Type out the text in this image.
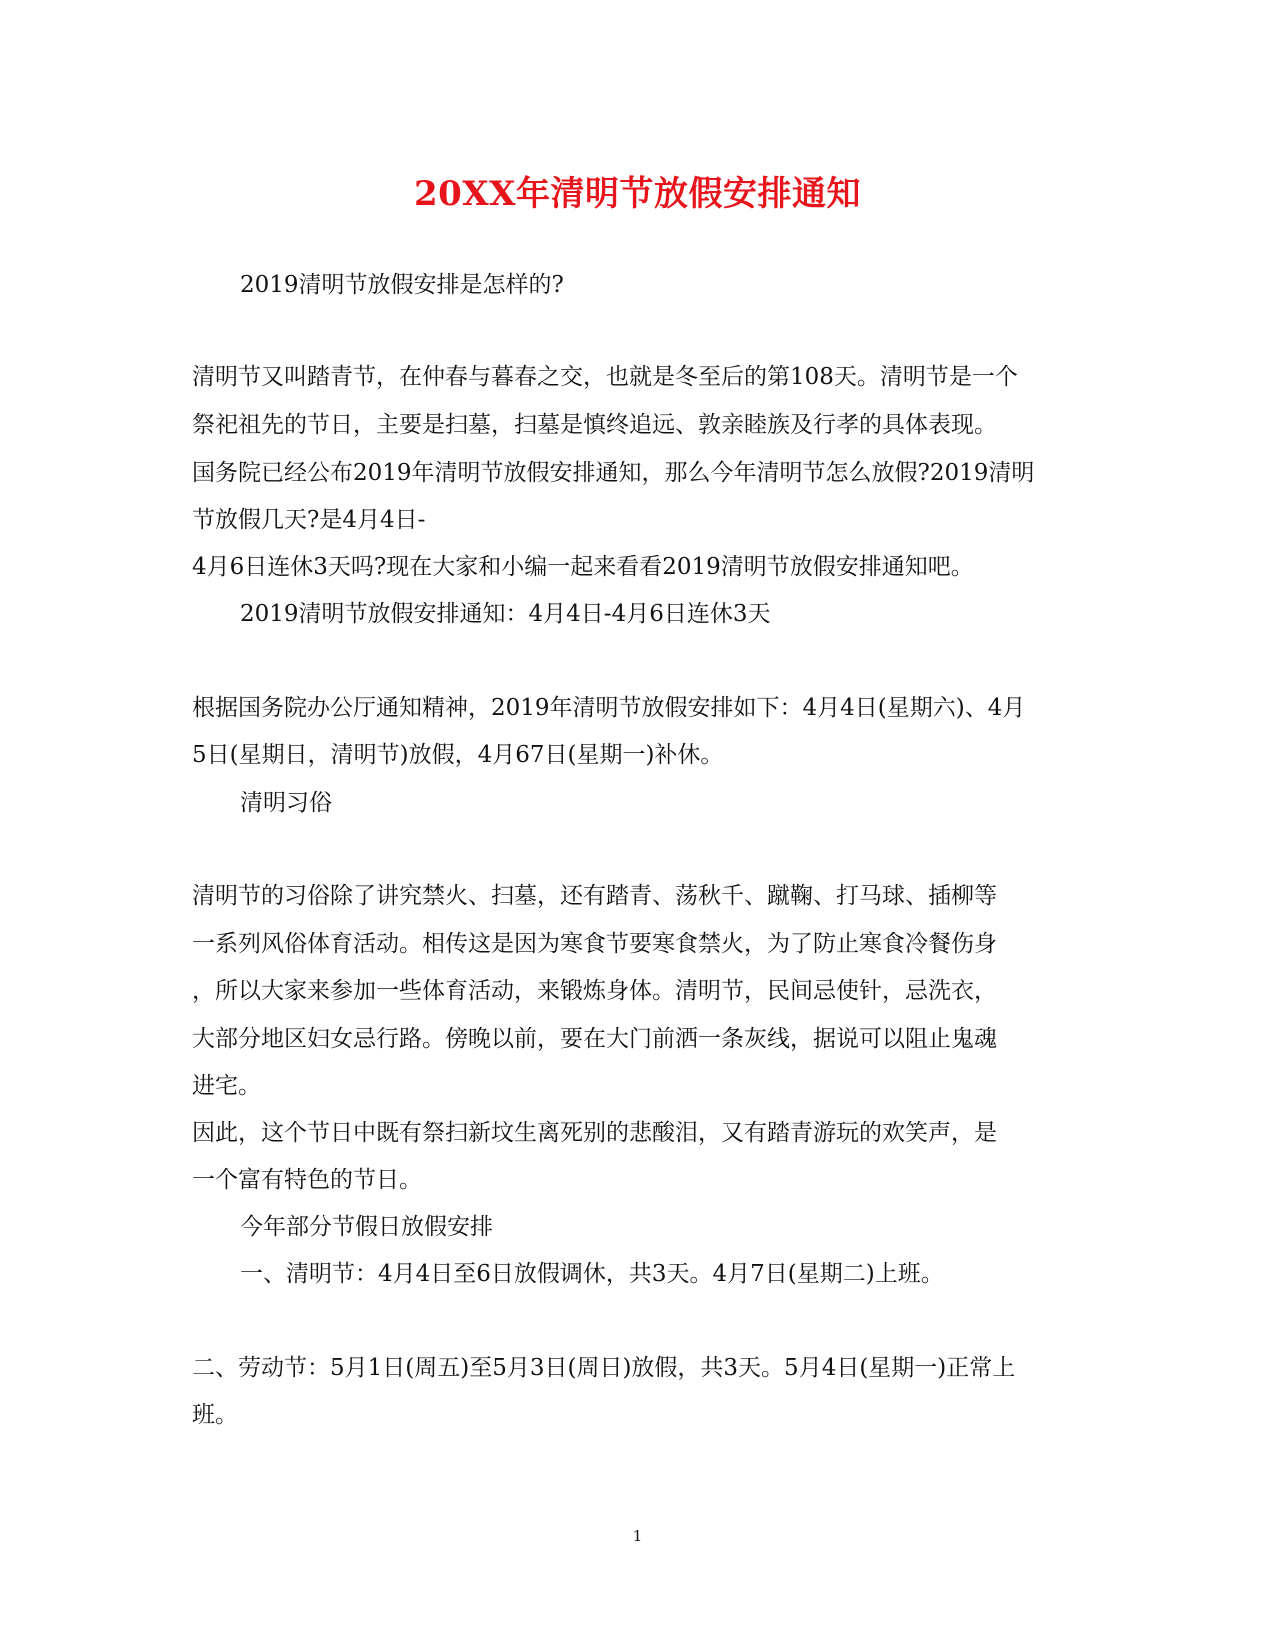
20XX年清明节放假安排通知
2019清明节放假安排是怎样的?
清明节又叫踏青节，在仲春与暮春之交，也就是冬至后的第108天。清明节是一个
祭祀祖先的节日，主要是扫墓，扫墓是慎终追远、敦亲睦族及行孝的具体表现。
国务院已经公布2019年清明节放假安排通知，那么今年清明节怎么放假?2019清明
节放假几天?是4月4日-
4月6日连休3天吗?现在大家和小编一起来看看2019清明节放假安排通知吧。
2019清明节放假安排通知：4月4日-4月6日连休3天
根据国务院办公厅通知精神，2019年清明节放假安排如下：4月4日(星期六)、4月
5日(星期日，清明节)放假，4月67日(星期一)补休。
清明习俗
清明节的习俗除了讲究禁火、扫墓，还有踏青、荡秋千、蹴鞠、打马球、插柳等
一系列风俗体育活动。相传这是因为寒食节要寒食禁火，为了防止寒食冷餐伤身
，所以大家来参加一些体育活动，来锻炼身体。清明节，民间忌使针，忌洗衣，
大部分地区妇女忌行路。傍晚以前，要在大门前洒一条灰线，据说可以阻止鬼魂
进宅。
因此，这个节日中既有祭扫新坟生离死别的悲酸泪，又有踏青游玩的欢笑声，是
一个富有特色的节日。
今年部分节假日放假安排
一、清明节：4月4日至6日放假调休，共3天。4月7日(星期二)上班。
二、劳动节：5月1日(周五)至5月3日(周日)放假，共3天。5月4日(星期一)正常上
班。
1
